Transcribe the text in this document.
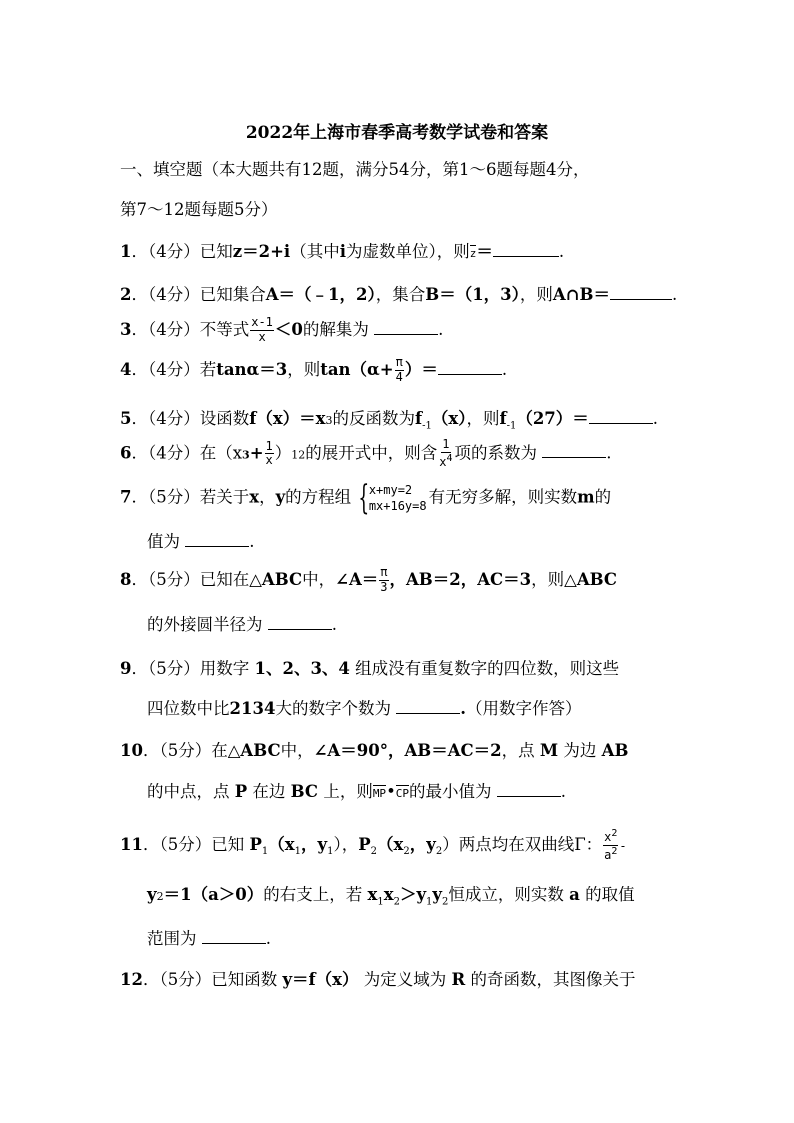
2022年上海市春季高考数学试卷和答案
一、填空题（本大题共有12题，满分54分，第1～6题每题4分，
第7～12题每题5分）
1．（4分）已知z＝2+i（其中i为虚数单位），则z＝	.
2．（4分）已知集合A＝（﹣1，2），集合B＝（1，3），则A∩B＝	.
3．（4分）不等式 $\frac{x-1}{x} <0$的解集为	.
4．（4分）若tanα＝3，则$\tan(\alpha+ \frac{\pi}{4}$ ）＝	.
5．（4分）设函数f（x）＝x3的反函数为$f_{-1}(x)$，则$f_{-1}(27)=$	.
6．（4分）在$(x3+ \frac{1}{x} )12$的展开式中，则含 $\frac{1}{x^4}$ 项的系数为	.
7．（5分）若关于x，y的方程组 { x+my=2
mx+16y=8 有无穷多解，则实数m的
值为	.
8．（5分）已知在△ABC中，∠A＝ $\frac{\pi}{3}$ ，AB＝2，AC＝3，则△ABC
的外接圆半径为	.
9．（5分）用数字 1、2、3、4 组成没有重复数字的四位数，则这些
四位数中比2134大的数字个数为	.（用数字作答）
10．（5分）在△ABC中，∠A＝90°，AB＝AC＝2，点 M 为边 AB
的中点，点 P 在边 BC 上，则MP•CP的最小值为	.
11．（5分）已知 $P_1(x_1$，$y_1$），$P_2(x_2$，$y_2$）两点均在双曲线Γ： $\frac{x^2}{a^2}$ -
y2＝1（a＞0）的右支上，若 $x_1x_2>y_1y_2$恒成立，则实数 a 的取值
范围为	.
12．（5分）已知函数 y＝f（x） 为定义域为 R 的奇函数，其图像关于
